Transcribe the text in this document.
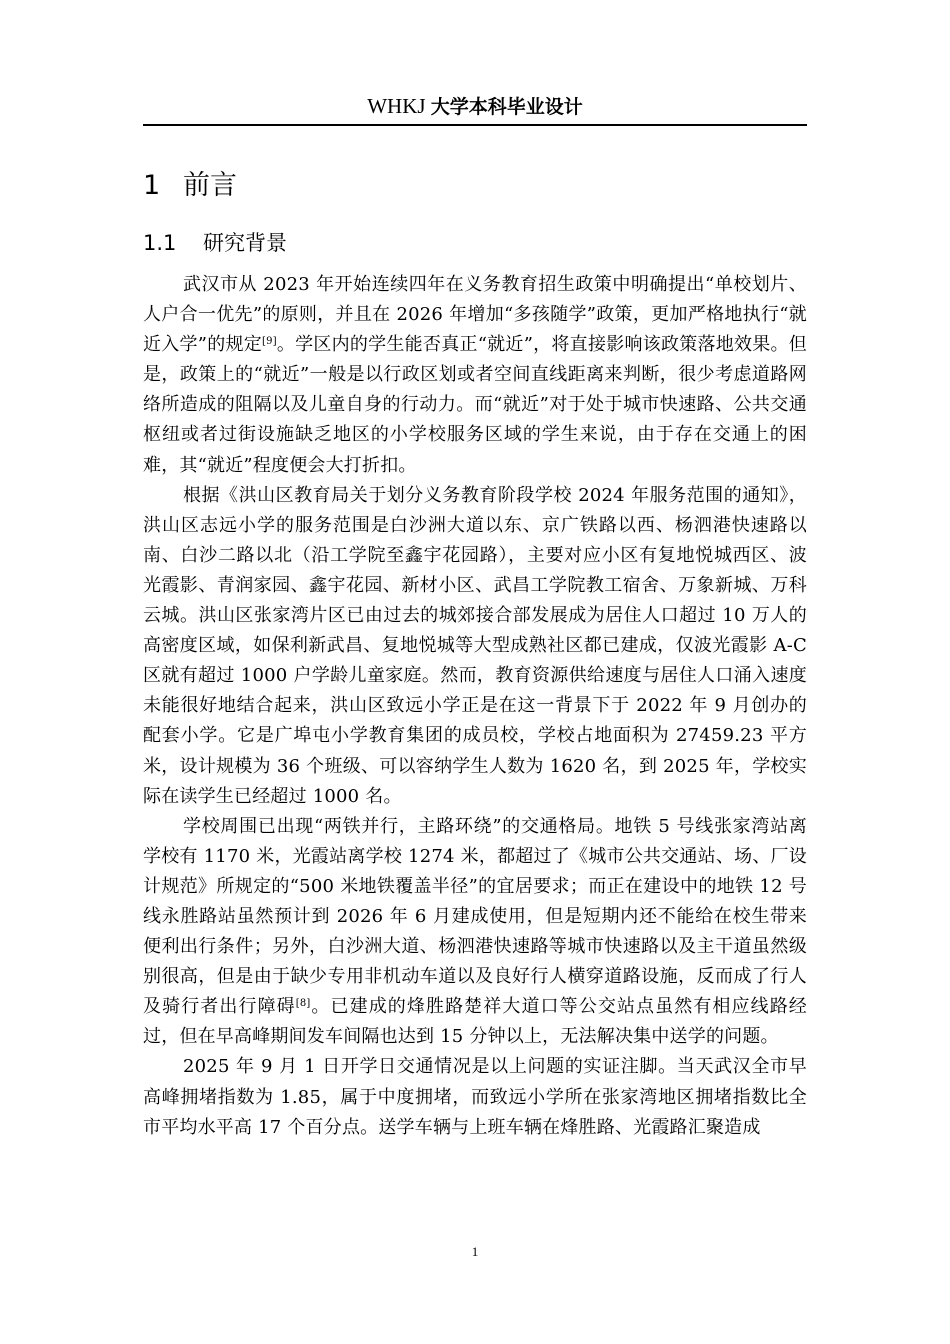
WHKJ 大学本科毕业设计
1 前言
1.1 研究背景

武汉市从 2023 年开始连续四年在义务教育招生政策中明确提出“单校划片、人户合一优先”的原则，并且在 2026 年增加“多孩随学”政策，更加严格地执行“就近入学”的规定[9]。学区内的学生能否真正“就近”，将直接影响该政策落地效果。但是，政策上的“就近”一般是以行政区划或者空间直线距离来判断，很少考虑道路网络所造成的阻隔以及儿童自身的行动力。而“就近”对于处于城市快速路、公共交通枢纽或者过街设施缺乏地区的小学校服务区域的学生来说，由于存在交通上的困难，其“就近”程度便会大打折扣。

根据《洪山区教育局关于划分义务教育阶段学校 2024 年服务范围的通知》，洪山区志远小学的服务范围是白沙洲大道以东、京广铁路以西、杨泗港快速路以南、白沙二路以北（沿工学院至鑫宇花园路），主要对应小区有复地悦城西区、波光霞影、青润家园、鑫宇花园、新材小区、武昌工学院教工宿舍、万象新城、万科云城。洪山区张家湾片区已由过去的城郊接合部发展成为居住人口超过 10 万人的高密度区域，如保利新武昌、复地悦城等大型成熟社区都已建成，仅波光霞影 A-C 区就有超过 1000 户学龄儿童家庭。然而，教育资源供给速度与居住人口涌入速度未能很好地结合起来，洪山区致远小学正是在这一背景下于 2022 年 9 月创办的配套小学。它是广埠屯小学教育集团的成员校，学校占地面积为 27459.23 平方米，设计规模为 36 个班级、可以容纳学生人数为 1620 名，到 2025 年，学校实际在读学生已经超过 1000 名。

学校周围已出现“两铁并行，主路环绕”的交通格局。地铁 5 号线张家湾站离学校有 1170 米，光霞站离学校 1274 米，都超过了《城市公共交通站、场、厂设计规范》所规定的“500 米地铁覆盖半径”的宜居要求；而正在建设中的地铁 12 号线永胜路站虽然预计到 2026 年 6 月建成使用，但是短期内还不能给在校生带来便利出行条件；另外，白沙洲大道、杨泗港快速路等城市快速路以及主干道虽然级别很高，但是由于缺少专用非机动车道以及良好行人横穿道路设施，反而成了行人及骑行者出行障碍[8]。已建成的烽胜路楚祥大道口等公交站点虽然有相应线路经过，但在早高峰期间发车间隔也达到 15 分钟以上，无法解决集中送学的问题。

2025 年 9 月 1 日开学日交通情况是以上问题的实证注脚。当天武汉全市早高峰拥堵指数为 1.85，属于中度拥堵，而致远小学所在张家湾地区拥堵指数比全市平均水平高 17 个百分点。送学车辆与上班车辆在烽胜路、光霞路汇聚造成

1
